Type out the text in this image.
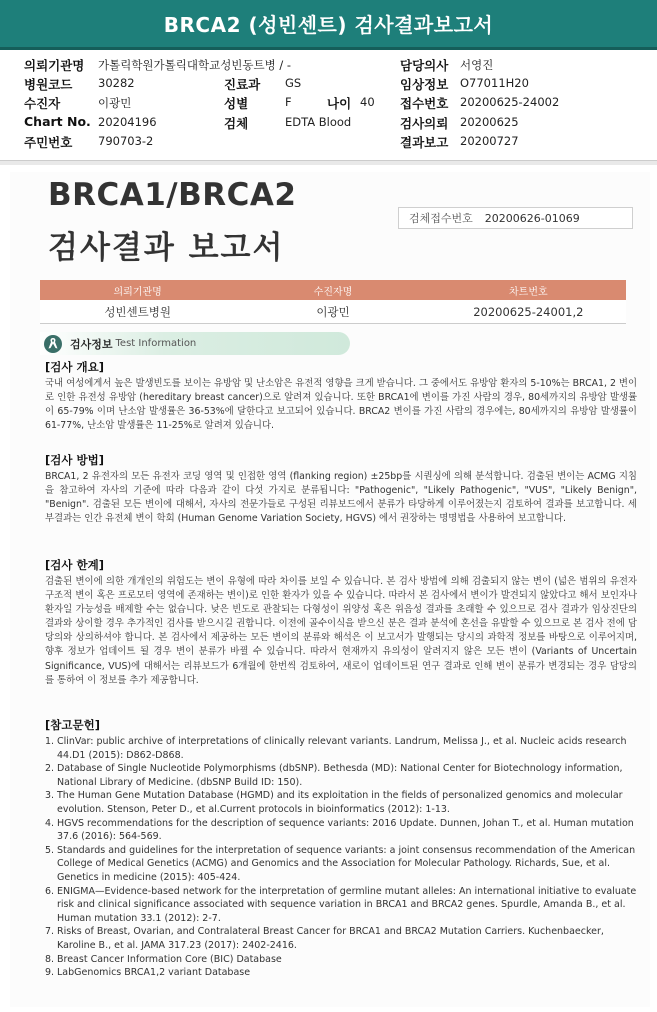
BRCA2 (성빈센트) 검사결과보고서
의뢰기관명 가톨릭학원가톨릭대학교성빈동트병 / -
병원코드 30282
수진자	이광민
Chart No. 20204196
주민번호 790703-2
진료과 GS
성별	F	나이 40
검체	EDTA Blood
담당의사 서영진
임상정보 O77011H20
접수번호 20200625-24002
검사의뢰 20200625
결과보고 20200727
BRCA1/BRCA2
검사결과 보고서
검체접수번호	20200626-01069
의뢰기관명	수진자명	차트번호
성빈센트병원	이광민	20200625-24001,2
검사정보 Test Information
[검사 개요]
국내 여성에게서 높은 발생빈도를 보이는 유방암 및 난소암은 유전적 영향을 크게 받습니다. 그 중에서도 유방암 환자의 5-10%는 BRCA1, 2 변이로 인한 유전성 유방암 (hereditary breast cancer)으로 알려져 있습니다. 또한 BRCA1에 변이를 가진 사람의 경우, 80세까지의 유방암 발생률이 65-79% 이며 난소암 발생률은 36-53%에 달한다고 보고되어 있습니다. BRCA2 변이를 가진 사람의 경우에는, 80세까지의 유방암 발생률이 61-77%, 난소암 발생률은 11-25%로 알려져 있습니다.
[검사 방법]
BRCA1, 2 유전자의 모든 유전자 코딩 영역 및 인접한 영역 (flanking region) ±25bp를 시퀀싱에 의해 분석합니다. 검출된 변이는 ACMG 지침을 참고하여 자사의 기준에 따라 다음과 같이 다섯 가지로 분류됩니다: "Pathogenic", "Likely Pathogenic", "VUS", "Likely Benign", "Benign". 검출된 모든 변이에 대해서, 자사의 전문가들로 구성된 리뷰보드에서 분류가 타당하게 이루어졌는지 검토하여 결과를 보고합니다. 세부결과는 인간 유전체 변이 학회 (Human Genome Variation Society, HGVS) 에서 권장하는 명명법을 사용하여 보고합니다.
[검사 한계]
검출된 변이에 의한 개개인의 위험도는 변이 유형에 따라 차이를 보일 수 있습니다. 본 검사 방법에 의해 검출되지 않는 변이 (넓은 범위의 유전자 구조적 변이 혹은 프로모터 영역에 존재하는 변이)로 인한 환자가 있을 수 있습니다. 따라서 본 검사에서 변이가 발견되지 않았다고 해서 보인자나 환자일 가능성을 배제할 수는 없습니다. 낮은 빈도로 관찰되는 다형성이 위양성 혹은 위음성 결과를 초래할 수 있으므로 검사 결과가 임상진단의 결과와 상이할 경우 추가적인 검사를 받으시길 권합니다. 이전에 골수이식을 받으신 분은 결과 분석에 혼선을 유발할 수 있으므로 본 검사 전에 담당의와 상의하셔야 합니다. 본 검사에서 제공하는 모든 변이의 분류와 해석은 이 보고서가 발행되는 당시의 과학적 정보를 바탕으로 이루어지며, 향후 정보가 업데이트 될 경우 변이 분류가 바뀔 수 있습니다. 따라서 현재까지 유의성이 알려지지 않은 모든 변이 (Variants of Uncertain Significance, VUS)에 대해서는 리뷰보드가 6개월에 한번씩 검토하여, 새로이 업데이트된 연구 결과로 인해 변이 분류가 변경되는 경우 담당의를 통하여 이 정보를 추가 제공합니다.
[참고문헌]
1. ClinVar: public archive of interpretations of clinically relevant variants. Landrum, Melissa J., et al. Nucleic acids research 44.D1 (2015): D862-D868.
2. Database of Single Nucleotide Polymorphisms (dbSNP). Bethesda (MD): National Center for Biotechnology information, National Library of Medicine. (dbSNP Build ID: 150).
3. The Human Gene Mutation Database (HGMD) and its exploitation in the fields of personalized genomics and molecular evolution. Stenson, Peter D., et al.Current protocols in bioinformatics (2012): 1-13.
4. HGVS recommendations for the description of sequence variants: 2016 Update. Dunnen, Johan T., et al. Human mutation 37.6 (2016): 564-569.
5. Standards and guidelines for the interpretation of sequence variants: a joint consensus recommendation of the American College of Medical Genetics (ACMG) and Genomics and the Association for Molecular Pathology. Richards, Sue, et al. Genetics in medicine (2015): 405-424.
6. ENIGMA—Evidence-based network for the interpretation of germline mutant alleles: An international initiative to evaluate risk and clinical significance associated with sequence variation in BRCA1 and BRCA2 genes. Spurdle, Amanda B., et al. Human mutation 33.1 (2012): 2-7.
7. Risks of Breast, Ovarian, and Contralateral Breast Cancer for BRCA1 and BRCA2 Mutation Carriers. Kuchenbaecker, Karoline B., et al. JAMA 317.23 (2017): 2402-2416.
8. Breast Cancer Information Core (BIC) Database
9. LabGenomics BRCA1,2 variant Database
